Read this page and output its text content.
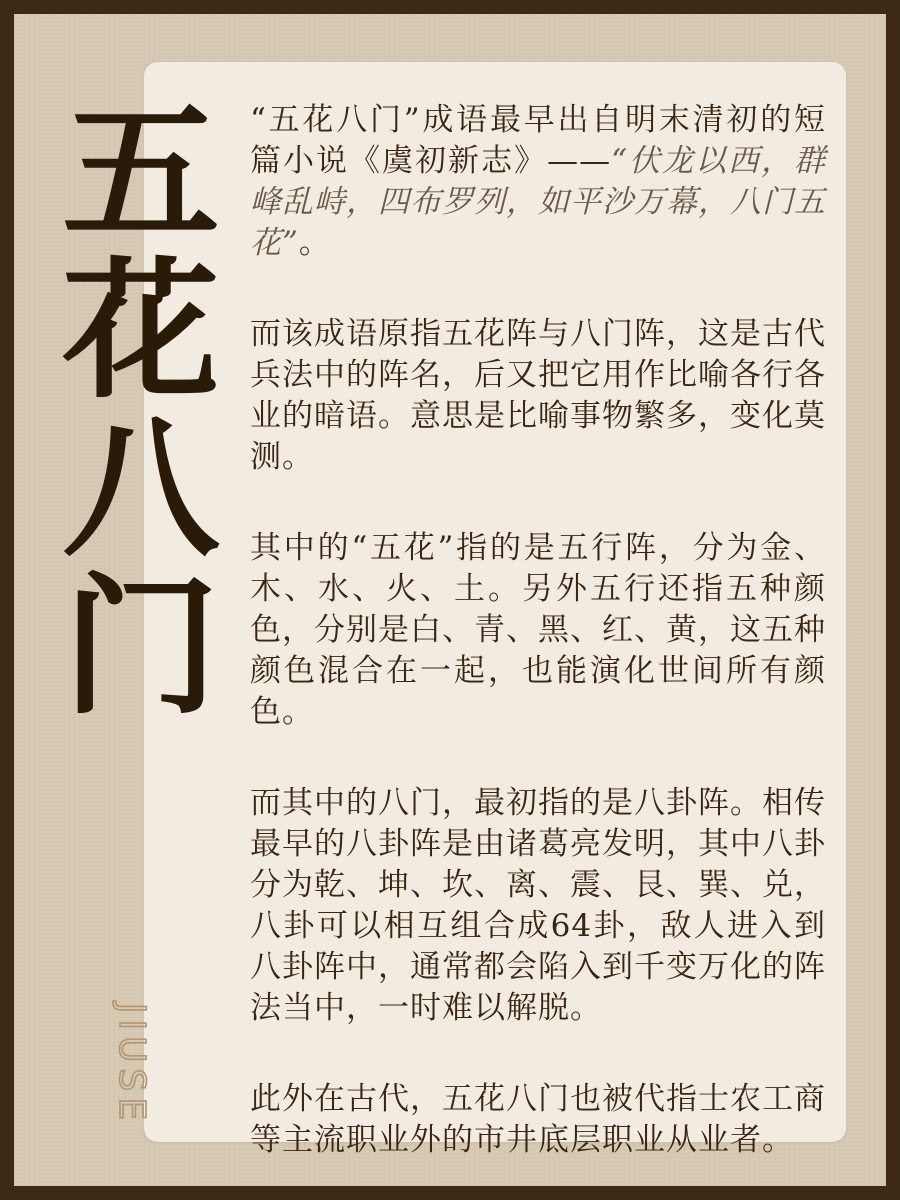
五
花
八
门
JIUSE

“五花八门”成语最早出自明末清初的短篇小说《虞初新志》——“伏龙以西，群峰乱峙，四布罗列，如平沙万幕，八门五花”。

而该成语原指五花阵与八门阵，这是古代兵法中的阵名，后又把它用作比喻各行各业的暗语。意思是比喻事物繁多，变化莫测。

其中的“五花”指的是五行阵，分为金、木、水、火、土。另外五行还指五种颜色，分别是白、青、黑、红、黄，这五种颜色混合在一起，也能演化世间所有颜色。

而其中的八门，最初指的是八卦阵。相传最早的八卦阵是由诸葛亮发明，其中八卦分为乾、坤、坎、离、震、艮、巽、兑，八卦可以相互组合成64卦，敌人进入到八卦阵中，通常都会陷入到千变万化的阵法当中，一时难以解脱。

此外在古代，五花八门也被代指士农工商等主流职业外的市井底层职业从业者。
